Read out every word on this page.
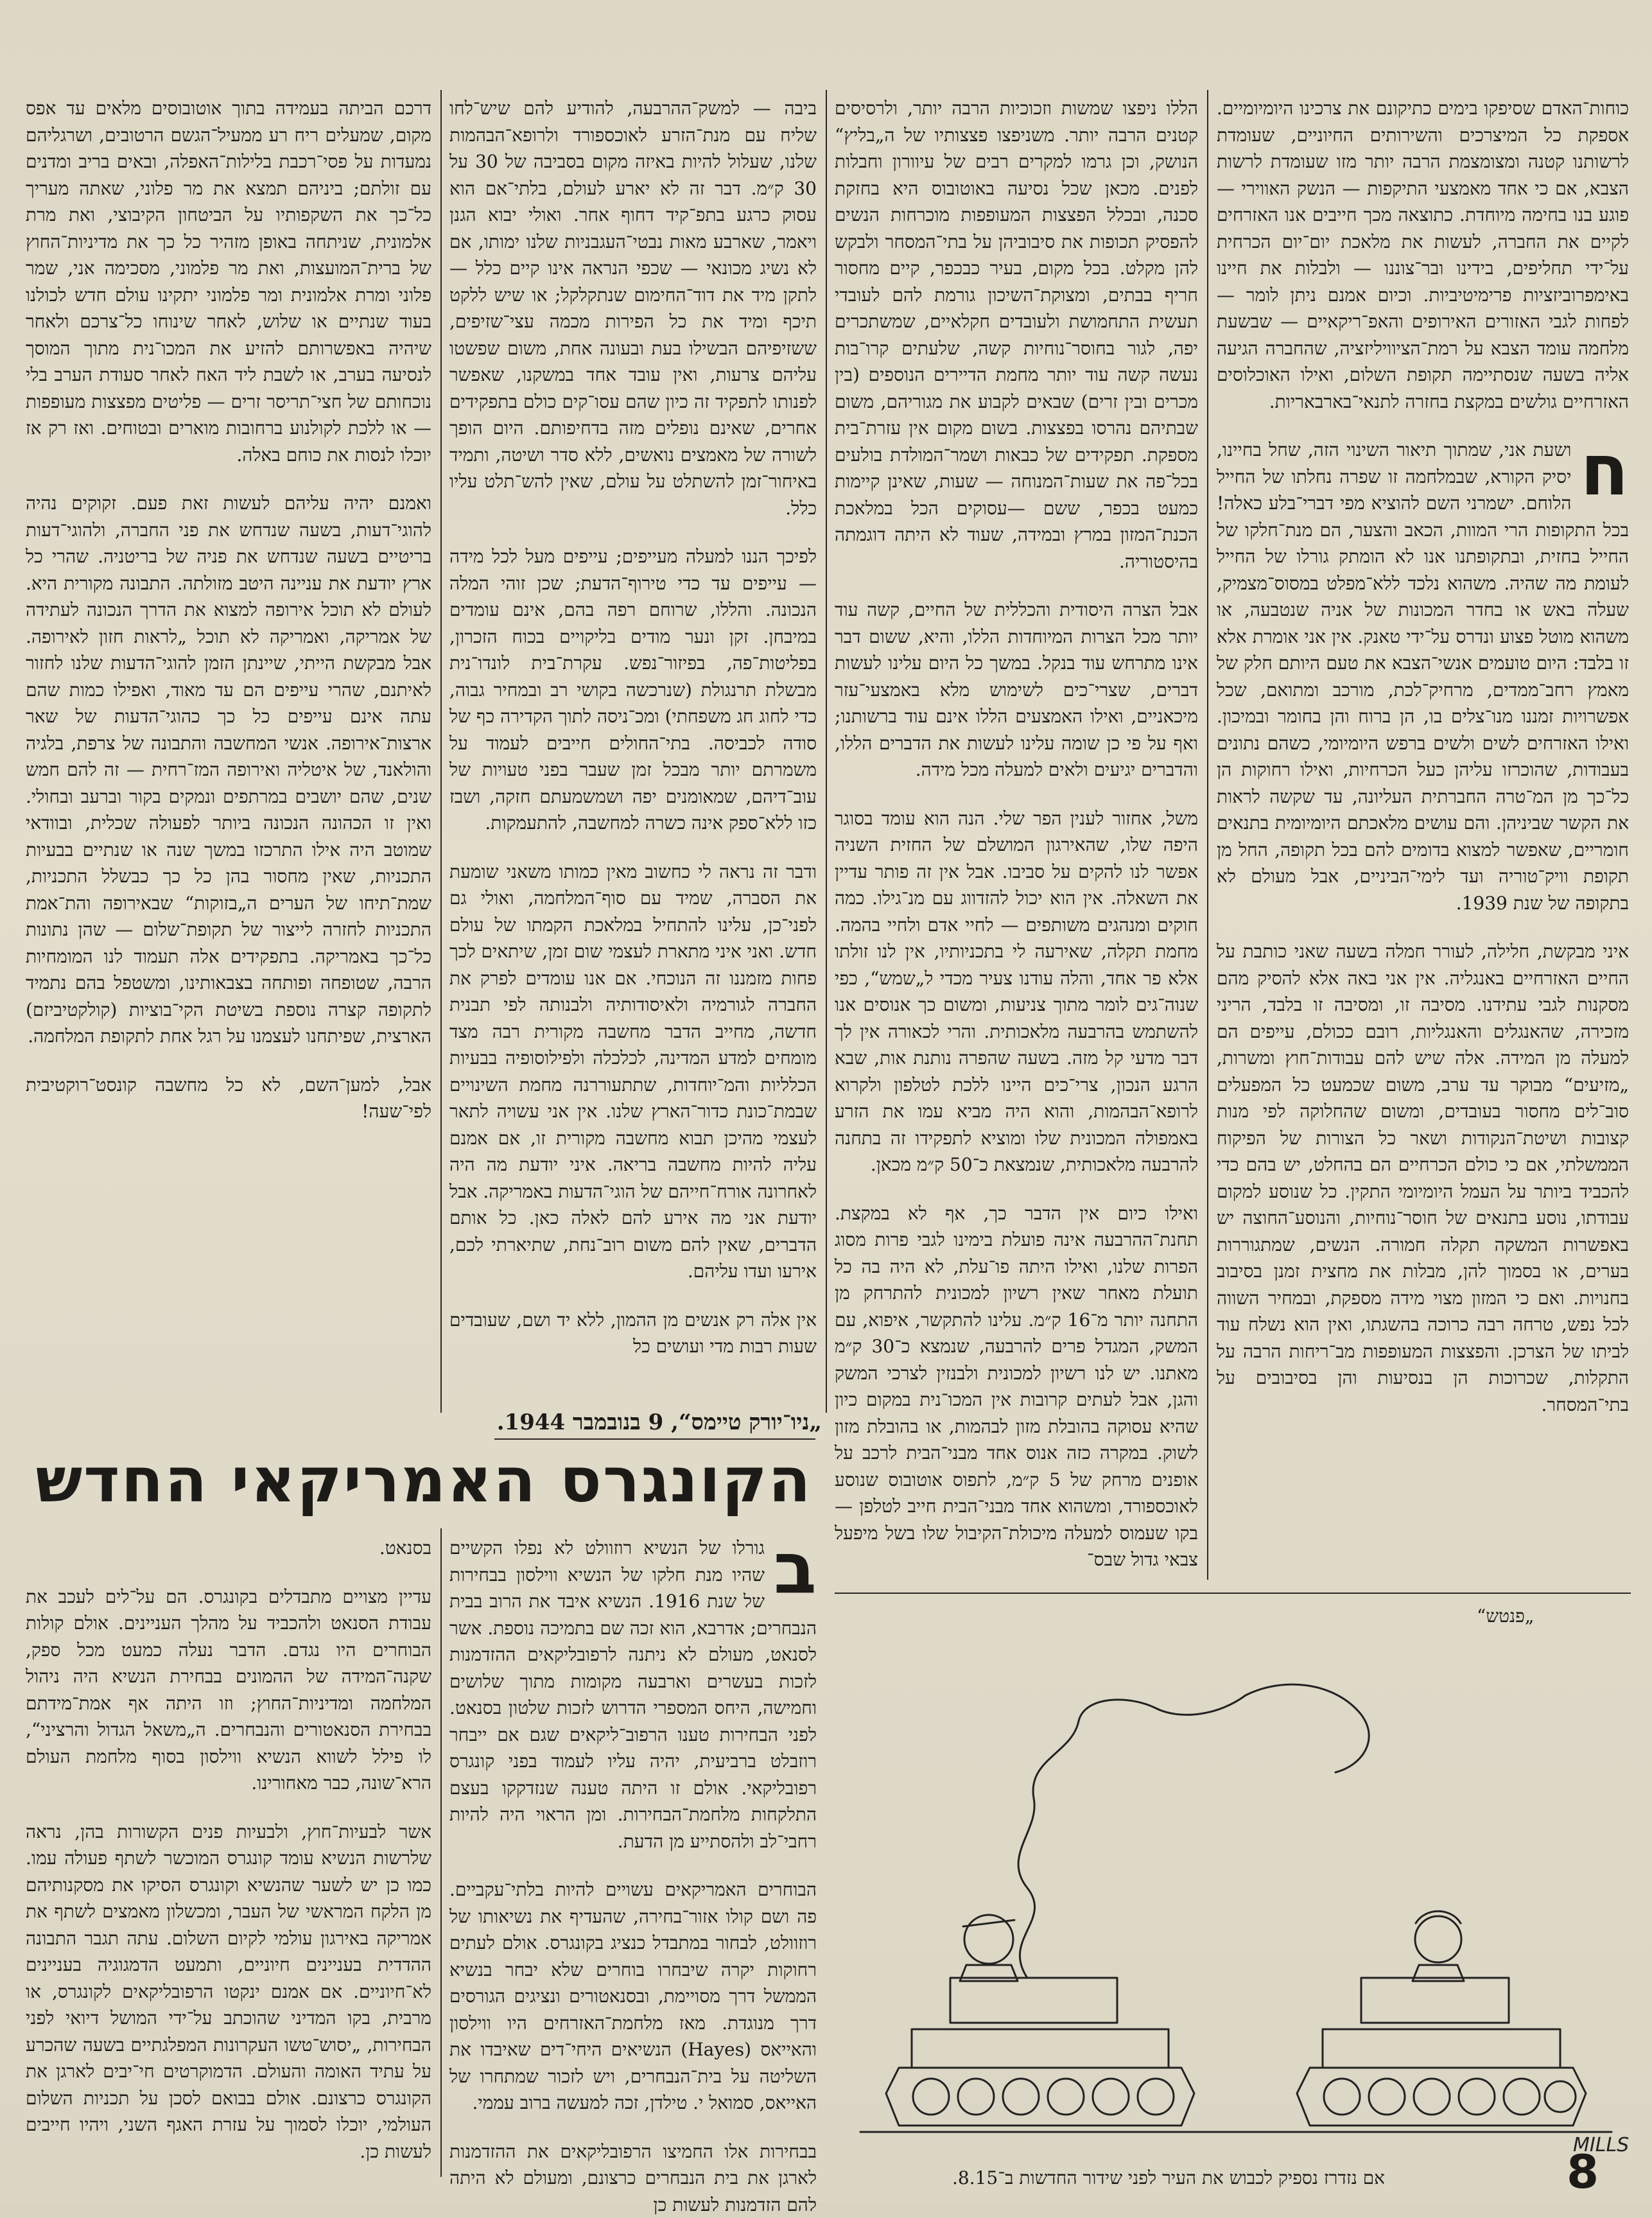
כוחות־האדם שסיפקו בימים כתיקונם את צרכינו היומיומיים. אספקת כל המיצרכים והשירותים החיוניים, שעומדת לרשותנו קטנה ומצומצמת הרבה יותר מזו שעומדת לרשות הצבא, אם כי אחד מאמצעי התיקפות — הנשק האווירי — פוגע בנו בחימה מיוחדת. כתוצאה מכך חייבים אנו האזרחים לקיים את החברה, לעשות את מלאכת יום־יום הכרחית על־ידי תחליפים, בידינו ובר־צוננו — ולבלות את חיינו באימפרוביזציות פרימיטיביות. וכיום אמנם ניתן לומר — לפחות לגבי האזורים האירופים והאפ־ריקאיים — שבשעת מלחמה עומד הצבא על רמת־הציוויליזציה, שהחברה הגיעה אליה בשעה שנסתיימה תקופת השלום, ואילו האוכלוסים האזרחיים גולשים במקצת בחזרה לתנאי־בארבאריות.

ח
ושעת אני, שמתוך תיאור השינוי הזה, שחל בחיינו, יסיק הקורא, שבמלחמה זו שפרה נחלתו של החייל הלוחם. ישמרני השם להוציא מפי דברי־בלע כאלה! בכל התקופות הרי המוות, הכאב והצער, הם מנת־חלקו של החייל בחזית, ובתקופתנו אנו לא הומתק גורלו של החייל לעומת מה שהיה. משהוא נלכד ללא־מפלט במסוס־מצמיק, שעלה באש או בחדר המכונות של אניה שנטבעה, או משהוא מוטל פצוע ונדרס על־ידי טאנק. אין אני אומרת אלא זו בלבד: היום טועמים אנשי־הצבא את טעם היותם חלק של מאמץ רחב־ממדים, מרחיק־לכת, מורכב ומתואם, שכל אפשרויות זמננו מנו־צלים בו, הן ברוח והן בחומר ובמיכון. ואילו האזרחים לשים ולשים ברפש היומיומי, כשהם נתונים בעבודות, שהוכרזו עליהן כעל הכרחיות, ואילו רחוקות הן כל־כך מן המ־טרה החברתית העליונה, עד שקשה לראות את הקשר שביניהן. והם עושים מלאכתם היומיומית בתנאים חומריים, שאפשר למצוא בדומים להם בכל תקופה, החל מן תקופת וויק־טוריה ועד לימי־הביניים, אבל מעולם לא בתקופה של שנת 1939.

איני מבקשת, חלילה, לעורר חמלה בשעה שאני כותבת על החיים האזרחיים באנגליה. אין אני באה אלא להסיק מהם מסקנות לגבי עתידנו. מסיבה זו, ומסיבה זו בלבד, הריני מזכירה, שהאנגלים והאנגליות, רובם ככולם, עייפים הם למעלה מן המידה. אלה שיש להם עבודות־חוץ ומשרות, „מזיעים“ מבוקר עד ערב, משום שכמעט כל המפעלים סוב־לים מחסור בעובדים, ומשום שהחלוקה לפי מנות קצובות ושיטת־הנקודות ושאר כל הצורות של הפיקוח הממשלתי, אם כי כולם הכרחיים הם בהחלט, יש בהם כדי להכביד ביותר על העמל היומיומי התקין. כל שנוסע למקום עבודתו, נוסע בתנאים של חוסר־נוחיות, והנוסע־החוצה יש באפשרות המשקה תקלה חמורה. הנשים, שמתגוררות בערים, או בסמוך להן, מבלות את מחצית זמנן בסיבוב בחנויות. ואם כי המזון מצוי מידה מספקת, ובמחיר השווה לכל נפש, טרחה רבה כרוכה בהשגתו, ואין הוא נשלח עוד לביתו של הצרכן. והפצצות המעופפות מב־ריחות הרבה על התקלות, שכרוכות הן בנסיעות והן בסיבובים על בתי־המסחר.

הללו ניפצו שמשות וזכוכיות הרבה יותר, ולרסיסים קטנים הרבה יותר. משניפצו פצצותיו של ה„בליץ“ הנושק, וכן גרמו למקרים רבים של עיוורון וחבלות לפנים. מכאן שכל נסיעה באוטובוס היא בחזקת סכנה, ובכלל הפצצות המעופפות מוכרחות הנשים להפסיק תכופות את סיבוביהן על בתי־המסחר ולבקש להן מקלט. בכל מקום, בעיר כבכפר, קיים מחסור חריף בבתים, ומצוקת־השיכון גורמת להם לעובדי תעשית התחמושת ולעובדים חקלאיים, שמשתכרים יפה, לגור בחוסר־נוחיות קשה, שלעתים קרו־בות נעשה קשה עוד יותר מחמת הדיירים הנוספים (בין מכרים ובין זרים) שבאים לקבוע את מגוריהם, משום שבתיהם נהרסו בפצצות. בשום מקום אין עזרת־בית מספקת. תפקידים של כבאות ושמר־המולדת בולעים בכל־פה את שעות־המנוחה — שעות, שאינן קיימות כמעט בכפר, ששם —עסוקים הכל במלאכת הכנת־המזון במרץ ובמידה, שעוד לא היתה דוגמתה בהיסטוריה.

אבל הצרה היסודית והכללית של החיים, קשה עוד יותר מכל הצרות המיוחדות הללו, והיא, ששום דבר אינו מתרחש עוד בנקל. במשך כל היום עלינו לעשות דברים, שצרי־כים לשימוש מלא באמצעי־עזר מיכאניים, ואילו האמצעים הללו אינם עוד ברשותנו; ואף על פי כן שומה עלינו לעשות את הדברים הללו, והדברים יגיעים ולאים למעלה מכל מידה.

משל, אחזור לענין הפר שלי. הנה הוא עומד בסוגר היפה שלו, שהאירגון המושלם של החזית השניה אפשר לנו להקים על סביבו. אבל אין זה פותר עדיין את השאלה. אין הוא יכול להזדווג עם מנ־גילו. כמה חוקים ומנהגים משותפים — לחיי אדם ולחיי בהמה. מחמת תקלה, שאירעה לי בתכניותיו, אין לנו זולתו אלא פר אחד, והלה עודנו צעיר מכדי ל„שמש“, כפי שנוה־גים לומר מתוך צניעות, ומשום כך אנוסים אנו להשתמש בהרבעה מלאכותית. והרי לכאורה אין לך דבר מדעי קל מזה. בשעה שהפרה נותנת אות, שבא הרגע הנכון, צרי־כים היינו ללכת לטלפון ולקרוא לרופא־הבהמות, והוא היה מביא עמו את הזרע באמפולה המכונית שלו ומוציא לתפקידו זה בתחנה להרבעה מלאכותית, שנמצאת כ־50 ק״מ מכאן.

ואילו כיום אין הדבר כך, אף לא במקצת. תחנת־ההרבעה אינה פועלת בימינו לגבי פרות מסוג הפרות שלנו, ואילו היתה פו־עלת, לא היה בה כל תועלת מאחר שאין רשיון למכונית להתרחק מן התחנה יותר מ־16 ק״מ. עלינו להתקשר, איפוא, עם המשק, המגדל פרים להרבעה, שנמצא כ־30 ק״מ מאתנו. יש לנו רשיון למכונית ולבנזין לצרכי המשק והגן, אבל לעתים קרובות אין המכו־נית במקום כיון שהיא עסוקה בהובלת מזון לבהמות, או בהובלת מזון לשוק. במקרה כזה אנוס אחד מבני־הבית לרכב על אופנים מרחק של 5 ק״מ, לתפוס אוטובוס שנוסע לאוכספורד, ומשהוא אחד מבני־הבית חייב לטלפן — בקו שעמוס למעלה מיכולת־הקיבול שלו בשל מיפעל צבאי גדול שבס־

ביבה — למשק־ההרבעה, להודיע להם שיש־לחו שליח עם מנת־הזרע לאוכספורד ולרופא־הבהמות שלנו, שעלול להיות באיזה מקום בסביבה של 30 על 30 ק״מ. דבר זה לא יארע לעולם, בלתי־אם הוא עסוק כרגע בתפ־קיד דחוף אחר. ואולי יבוא הגנן ויאמר, שארבע מאות נבטי־העגבניות שלנו ימותו, אם לא נשיג מכונאי — שכפי הנראה אינו קיים כלל — לתקן מיד את דוד־החימום שנתקלקל; או שיש ללקט תיכף ומיד את כל הפירות מכמה עצי־שזיפים, ששזיפיהם הבשילו בעת ובעונה אחת, משום שפשטו עליהם צרעות, ואין עובד אחד במשקנו, שאפשר לפנותו לתפקיד זה כיון שהם עסו־קים כולם בתפקידים אחרים, שאינם נופלים מזה בדחיפותם. היום הופך לשורה של מאמצים נואשים, ללא סדר ושיטה, ותמיד באיחור־זמן להשתלט על עולם, שאין להש־תלט עליו כלל.

לפיכך הננו למעלה מעייפים; עייפים מעל לכל מידה — עייפים עד כדי טירוף־הדעת; שכן זוהי המלה הנכונה. והללו, שרוחם רפה בהם, אינם עומדים במיבחן. זקן ונער מודים בליקויים בכוח הזכרון, בפליטות־פה, בפיזור־נפש. עקרת־בית לונדו־נית מבשלת תרנגולת (שנרכשה בקושי רב ובמחיר גבוה, כדי לחוג חג משפחתי) ומכ־ניסה לתוך הקדירה כף של סודה לכביסה. בתי־החולים חייבים לעמוד על משמרתם יותר מבכל זמן שעבר בפני טעויות של עוב־דיהם, שמאומנים יפה ושמשמעתם חזקה, ושבז כזו ללא־ספק אינה כשרה למחשבה, להתעמקות.

ודבר זה נראה לי כחשוב מאין כמותו משאני שומעת את הסברה, שמיד עם סוף־המלחמה, ואולי גם לפני־כן, עלינו להתחיל במלאכת הקמתו של עולם חדש. ואני איני מתארת לעצמי שום זמן, שיתאים לכך פחות מזמננו זה הנוכחי. אם אנו עומדים לפרק את החברה לגורמיה ולאיסודותיה ולבנותה לפי תבנית חדשה, מחייב הדבר מחשבה מקורית רבה מצד מומחים למדע המדינה, לכלכלה ולפילוסופיה בבעיות הכלליות והמ־יוחדות, שתתעוררנה מחמת השינויים שבמת־כונת כדור־הארץ שלנו. אין אני עשויה לתאר לעצמי מהיכן תבוא מחשבה מקורית זו, אם אמנם עליה להיות מחשבה בריאה. איני יודעת מה היה לאחרונה אורח־חייהם של הוגי־הדעות באמריקה. אבל יודעת אני מה אירע להם לאלה כאן. כל אותם הדברים, שאין להם משום רוב־נחת, שתיארתי לכם, אירעו ועדו עליהם.

אין אלה רק אנשים מן ההמון, ללא יד ושם, שעובדים שעות רבות מדי ועושים כל

דרכם הביתה בעמידה בתוך אוטובוסים מלאים עד אפס מקום, שמעלים ריח רע ממעיל־הגשם הרטובים, ושרגליהם נמעדות על פסי־רכבת בלילות־האפלה, ובאים בריב ומדנים עם זולתם; ביניהם תמצא את מר פלוני, שאתה מעריך כל־כך את השקפותיו על הביטחון הקיבוצי, ואת מרת אלמונית, שניתחה באופן מזהיר כל כך את מדיניות־החוץ של ברית־המועצות, ואת מר פלמוני, מסכימה אני, שמר פלוני ומרת אלמונית ומר פלמוני יתקינו עולם חדש לכולנו בעוד שנתיים או שלוש, לאחר שינוחו כל־צרכם ולאחר שיהיה באפשרותם להזיע את המכו־נית מתוך המוסך לנסיעה בערב, או לשבת ליד האח לאחר סעודת הערב בלי נוכחותם של חצי־תריסר זרים — פליטים מפצצות מעופפות — או ללכת לקולנוע ברחובות מוארים ובטוחים. ואז רק אז יוכלו לנסות את כוחם באלה.

ואמנם יהיה עליהם לעשות זאת פעם. זקוקים נהיה להוגי־דעות, בשעה שנדחש את פני החברה, ולהוגי־דעות בריטיים בשעה שנדחש את פניה של בריטניה. שהרי כל ארץ יודעת את עניינה היטב מזולתה. התבונה מקורית היא. לעולם לא תוכל אירופה למצוא את הדרך הנכונה לעתידה של אמריקה, ואמריקה לא תוכל „לראות חזון לאירופה. אבל מבקשת הייתי, שיינתן הזמן להוגי־הדעות שלנו לחזור לאיתנם, שהרי עייפים הם עד מאוד, ואפילו כמות שהם עתה אינם עייפים כל כך כהוגי־הדעות של שאר ארצות־אירופה. אנשי המחשבה והתבונה של צרפת, בלגיה והולאנד, של איטליה ואירופה המז־רחית — זה להם חמש שנים, שהם יושבים במרתפים ונמקים בקור וברעב ובחולי. ואין זו הכהונה הנכונה ביותר לפעולה שכלית, ובוודאי שמוטב היה אילו התרכזו במשך שנה או שנתיים בבעיות התכניות, שאין מחסור בהן כל כך כבשלל התכניות, שמת־תיחו של הערים ה„בזוקות“ שבאירופה והת־אמת התכניות לחזרה לייצור של תקופת־שלום — שהן נתונות כל־כך באמריקה. בתפקידים אלה תעמוד לנו המומחיות הרבה, שטופחה ופותחה בצבאותינו, ומשטפל בהם נתמיד לתקופה קצרה נוספת בשיטת הקי־בוציות (קולקטיביזם) הארצית, שפיתחנו לעצמנו על רגל אחת לתקופת המלחמה.

אבל, למען־השם, לא כל מחשבה קונסט־רוקטיבית לפי־שעה!

„ניו־יורק טיימס“, 9 בנובמבר 1944.
הקונגרס האמריקאי החדש

ב
גורלו של הנשיא רוזוולט לא נפלו הקשיים שהיו מנת חלקו של הנשיא ווילסון בבחירות של שנת 1916. הנשיא איבד את הרוב בבית הנבחרים; אדרבא, הוא זכה שם בתמיכה נוספת. אשר לסנאט, מעולם לא ניתנה לרפובליקאים ההזדמנות לזכות בעשרים וארבעה מקומות מתוך שלושים וחמישה, היחס המספרי הדרוש לזכות שלטון בסנאט. לפני הבחירות טענו הרפוב־ליקאים שגם אם ייבחר רוזבלט ברביעית, יהיה עליו לעמוד בפני קונגרס רפובליקאי. אולם זו היתה טענה שנזדקקו בעצם התלקחות מלחמת־הבחירות. ומן הראוי היה להיות רחבי־לב ולהסתייע מן הדעת.

הבוחרים האמריקאים עשויים להיות בלתי־עקביים. פה ושם קולו אזור־בחירה, שהעדיף את נשיאותו של רוזוולט, לבחור במתבדל כנציג בקונגרס. אולם לעתים רחוקות יקרה שיבחרו בוחרים שלא יבחר בנשיא הממשל דרך מסויימת, ובסנאטורים ונציגים הגורסים דרך מנוגדת. מאז מלחמת־האזרחים היו ווילסון והאייאס (Hayes) הנשיאים היחי־דים שאיבדו את השליטה על בית־הנבחרים, ויש לזכור שמתחרו של האייאס, סמואל י. טילדן, זכה למעשה ברוב עממי.

בבחירות אלו החמיצו הרפובליקאים את ההזדמנות לארגן את בית הנבחרים כרצונם, ומעולם לא היתה להם הזדמנות לעשות כן

בסנאט.

עדיין מצויים מתבדלים בקונגרס. הם על־לים לעכב את עבודת הסנאט ולהכביד על מהלך העניינים. אולם קולות הבוחרים היו נגדם. הדבר נעלה כמעט מכל ספק, שקנה־המידה של ההמונים בבחירת הנשיא היה ניהול המלחמה ומדיניות־החוץ; וזו היתה אף אמת־מידתם בבחירת הסנאטורים והנבחרים. ה„משאל הגדול והרציני“, לו פילל לשווא הנשיא ווילסון בסוף מלחמת העולם הרא־שונה, כבר מאחורינו.

אשר לבעיות־חוץ, ולבעיות פנים הקשורות בהן, נראה שלרשות הנשיא עומד קונגרס המוכשר לשתף פעולה עמו. כמו כן יש לשער שהנשיא וקונגרס הסיקו את מסקנותיהם מן הלקח המראשי של העבר, ומכשלון מאמצים לשתף את אמריקה באירגון עולמי לקיום השלום. עתה תגבר התבונה ההדדית בעניינים חיוניים, ותמעט הדמגוגיה בעניינים לא־חיוניים. אם אמנם ינקטו הרפובליקאים לקונגרס, או מרבית, בקו המדיני שהוכתב על־ידי המושל דיואי לפני הבחירות, „יסוש־טשו העקרונות המפלגתיים בשעה שהכרע על עתיד האומה והעולם. הדמוקרטים חי־יבים לארגן את הקונגרס כרצונם. אולם בבואם לסכן על תכניות השלום העולמי, יוכלו לסמוך על עזרת האגף השני, ויהיו חייבים לעשות כן.

„פנטש“
MILLS
אם נזדרז נספיק לכבוש את העיר לפני שידור החדשות ב־8.15.	8
